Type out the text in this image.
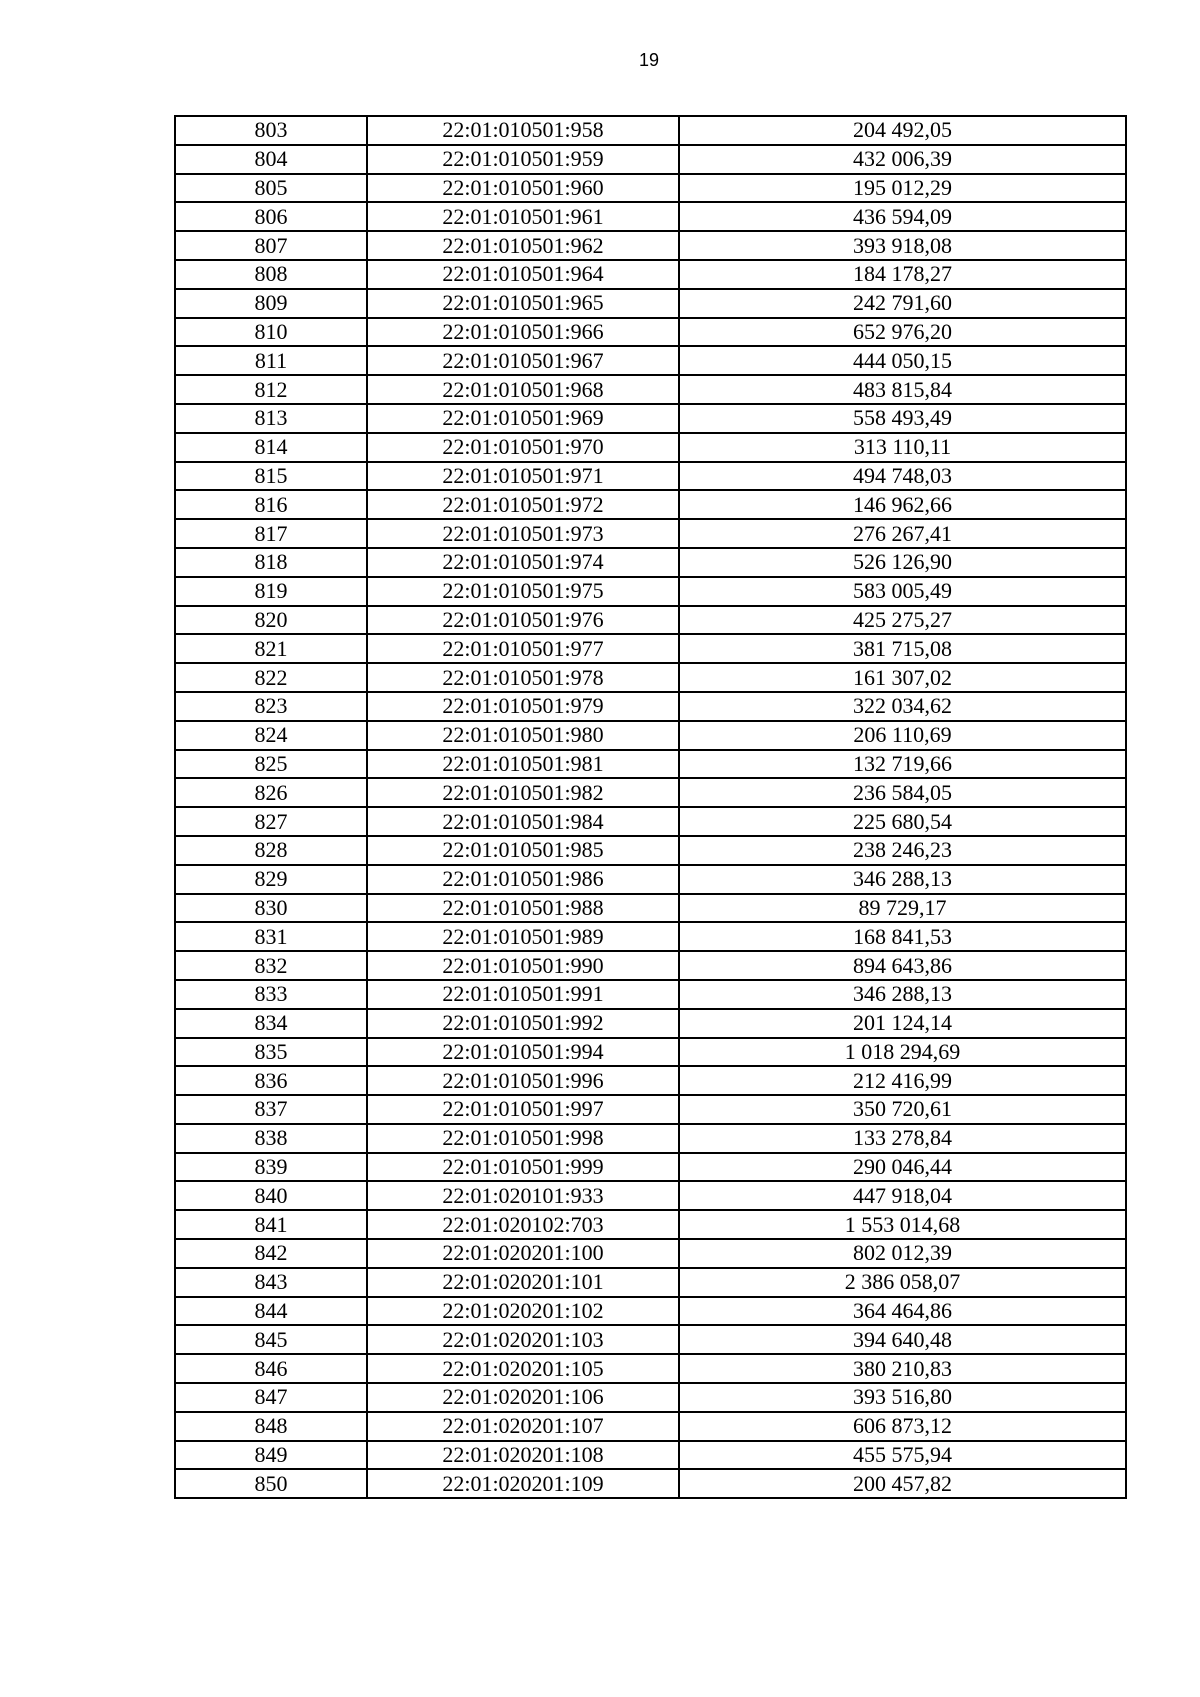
19
803	22:01:010501:958	204 492,05
804	22:01:010501:959	432 006,39
805	22:01:010501:960	195 012,29
806	22:01:010501:961	436 594,09
807	22:01:010501:962	393 918,08
808	22:01:010501:964	184 178,27
809	22:01:010501:965	242 791,60
810	22:01:010501:966	652 976,20
811	22:01:010501:967	444 050,15
812	22:01:010501:968	483 815,84
813	22:01:010501:969	558 493,49
814	22:01:010501:970	313 110,11
815	22:01:010501:971	494 748,03
816	22:01:010501:972	146 962,66
817	22:01:010501:973	276 267,41
818	22:01:010501:974	526 126,90
819	22:01:010501:975	583 005,49
820	22:01:010501:976	425 275,27
821	22:01:010501:977	381 715,08
822	22:01:010501:978	161 307,02
823	22:01:010501:979	322 034,62
824	22:01:010501:980	206 110,69
825	22:01:010501:981	132 719,66
826	22:01:010501:982	236 584,05
827	22:01:010501:984	225 680,54
828	22:01:010501:985	238 246,23
829	22:01:010501:986	346 288,13
830	22:01:010501:988	89 729,17
831	22:01:010501:989	168 841,53
832	22:01:010501:990	894 643,86
833	22:01:010501:991	346 288,13
834	22:01:010501:992	201 124,14
835	22:01:010501:994	1 018 294,69
836	22:01:010501:996	212 416,99
837	22:01:010501:997	350 720,61
838	22:01:010501:998	133 278,84
839	22:01:010501:999	290 046,44
840	22:01:020101:933	447 918,04
841	22:01:020102:703	1 553 014,68
842	22:01:020201:100	802 012,39
843	22:01:020201:101	2 386 058,07
844	22:01:020201:102	364 464,86
845	22:01:020201:103	394 640,48
846	22:01:020201:105	380 210,83
847	22:01:020201:106	393 516,80
848	22:01:020201:107	606 873,12
849	22:01:020201:108	455 575,94
850	22:01:020201:109	200 457,82
